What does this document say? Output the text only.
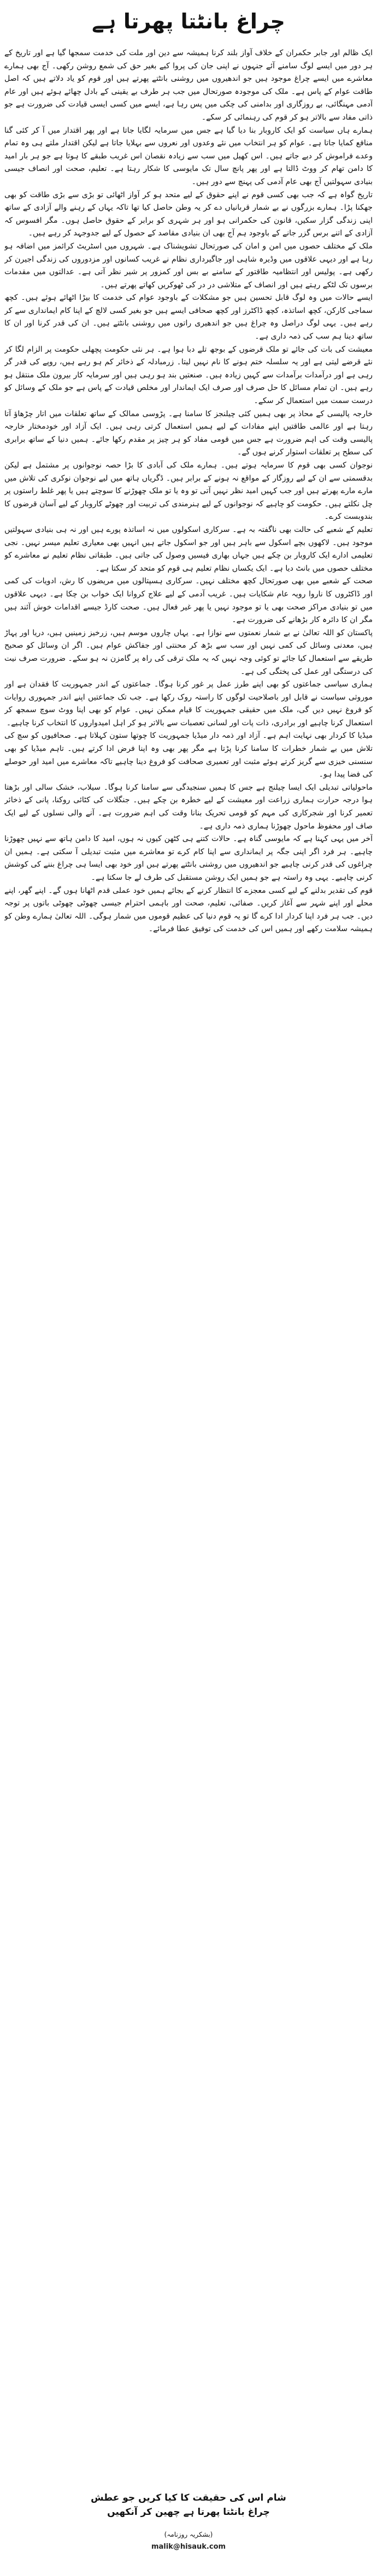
چراغ بانٹتا پھرتا ہے

ایک ظالم اور جابر حکمران کے خلاف آواز بلند کرنا ہمیشہ سے دین اور ملت کی خدمت سمجھا گیا ہے اور تاریخ کے ہر دور میں ایسے لوگ سامنے آئے جنہوں نے اپنی جان کی پروا کیے بغیر حق کی شمع روشن رکھی۔ آج بھی ہمارے معاشرے میں ایسے چراغ موجود ہیں جو اندھیروں میں روشنی بانٹتے پھرتے ہیں اور قوم کو یاد دلاتے ہیں کہ اصل طاقت عوام کے پاس ہے۔ ملک کی موجودہ صورتحال میں جب ہر طرف بے یقینی کے بادل چھائے ہوئے ہیں اور عام آدمی مہنگائی، بے روزگاری اور بدامنی کی چکی میں پس رہا ہے، ایسے میں کسی ایسی قیادت کی ضرورت ہے جو ذاتی مفاد سے بالاتر ہو کر قوم کی رہنمائی کر سکے۔

ہمارے ہاں سیاست کو ایک کاروبار بنا دیا گیا ہے جس میں سرمایہ لگایا جاتا ہے اور پھر اقتدار میں آ کر کئی گنا منافع کمایا جاتا ہے۔ عوام کو ہر انتخاب میں نئے وعدوں اور نعروں سے بہلایا جاتا ہے لیکن اقتدار ملتے ہی وہ تمام وعدے فراموش کر دیے جاتے ہیں۔ اس کھیل میں سب سے زیادہ نقصان اس غریب طبقے کا ہوتا ہے جو ہر بار امید کا دامن تھام کر ووٹ ڈالتا ہے اور پھر پانچ سال تک مایوسی کا شکار رہتا ہے۔ تعلیم، صحت اور انصاف جیسی بنیادی سہولتیں آج بھی عام آدمی کی پہنچ سے دور ہیں۔

تاریخ گواہ ہے کہ جب بھی کسی قوم نے اپنے حقوق کے لیے متحد ہو کر آواز اٹھائی تو بڑی سے بڑی طاقت کو بھی جھکنا پڑا۔ ہمارے بزرگوں نے بے شمار قربانیاں دے کر یہ وطن حاصل کیا تھا تاکہ یہاں کے رہنے والے آزادی کے ساتھ اپنی زندگی گزار سکیں، قانون کی حکمرانی ہو اور ہر شہری کو برابر کے حقوق حاصل ہوں۔ مگر افسوس کہ آزادی کے اتنے برس گزر جانے کے باوجود ہم آج بھی ان بنیادی مقاصد کے حصول کے لیے جدوجہد کر رہے ہیں۔

ملک کے مختلف حصوں میں امن و امان کی صورتحال تشویشناک ہے۔ شہروں میں اسٹریٹ کرائمز میں اضافہ ہو رہا ہے اور دیہی علاقوں میں وڈیرہ شاہی اور جاگیرداری نظام نے غریب کسانوں اور مزدوروں کی زندگی اجیرن کر رکھی ہے۔ پولیس اور انتظامیہ طاقتور کے سامنے بے بس اور کمزور پر شیر نظر آتی ہے۔ عدالتوں میں مقدمات برسوں تک لٹکے رہتے ہیں اور انصاف کے متلاشی در در کی ٹھوکریں کھاتے پھرتے ہیں۔

ایسے حالات میں وہ لوگ قابل تحسین ہیں جو مشکلات کے باوجود عوام کی خدمت کا بیڑا اٹھائے ہوئے ہیں۔ کچھ سماجی کارکن، کچھ اساتذہ، کچھ ڈاکٹرز اور کچھ صحافی ایسے ہیں جو بغیر کسی لالچ کے اپنا کام ایمانداری سے کر رہے ہیں۔ یہی لوگ دراصل وہ چراغ ہیں جو اندھیری راتوں میں روشنی بانٹتے ہیں۔ ان کی قدر کرنا اور ان کا ساتھ دینا ہم سب کی ذمہ داری ہے۔

معیشت کی بات کی جائے تو ملک قرضوں کے بوجھ تلے دبا ہوا ہے۔ ہر نئی حکومت پچھلی حکومت پر الزام لگا کر نئے قرضے لیتی ہے اور یہ سلسلہ ختم ہونے کا نام نہیں لیتا۔ زرمبادلہ کے ذخائر کم ہو رہے ہیں، روپے کی قدر گر رہی ہے اور درآمدات برآمدات سے کہیں زیادہ ہیں۔ صنعتیں بند ہو رہی ہیں اور سرمایہ کار بیرون ملک منتقل ہو رہے ہیں۔ ان تمام مسائل کا حل صرف اور صرف ایک ایماندار اور مخلص قیادت کے پاس ہے جو ملک کے وسائل کو درست سمت میں استعمال کر سکے۔

خارجہ پالیسی کے محاذ پر بھی ہمیں کئی چیلنجز کا سامنا ہے۔ پڑوسی ممالک کے ساتھ تعلقات میں اتار چڑھاؤ آتا رہتا ہے اور عالمی طاقتیں اپنے مفادات کے لیے ہمیں استعمال کرتی رہی ہیں۔ ایک آزاد اور خودمختار خارجہ پالیسی وقت کی اہم ضرورت ہے جس میں قومی مفاد کو ہر چیز پر مقدم رکھا جائے۔ ہمیں دنیا کے ساتھ برابری کی سطح پر تعلقات استوار کرنے ہوں گے۔

نوجوان کسی بھی قوم کا سرمایہ ہوتے ہیں۔ ہمارے ملک کی آبادی کا بڑا حصہ نوجوانوں پر مشتمل ہے لیکن بدقسمتی سے ان کے لیے روزگار کے مواقع نہ ہونے کے برابر ہیں۔ ڈگریاں ہاتھ میں لیے نوجوان نوکری کی تلاش میں مارے مارے پھرتے ہیں اور جب کہیں امید نظر نہیں آتی تو وہ یا تو ملک چھوڑنے کا سوچتے ہیں یا پھر غلط راستوں پر چل نکلتے ہیں۔ حکومت کو چاہیے کہ نوجوانوں کے لیے ہنرمندی کی تربیت اور چھوٹے کاروبار کے لیے آسان قرضوں کا بندوبست کرے۔

تعلیم کے شعبے کی حالت بھی ناگفتہ بہ ہے۔ سرکاری اسکولوں میں نہ اساتذہ پورے ہیں اور نہ ہی بنیادی سہولتیں موجود ہیں۔ لاکھوں بچے اسکول سے باہر ہیں اور جو اسکول جاتے ہیں انہیں بھی معیاری تعلیم میسر نہیں۔ نجی تعلیمی ادارے ایک کاروبار بن چکے ہیں جہاں بھاری فیسیں وصول کی جاتی ہیں۔ طبقاتی نظام تعلیم نے معاشرے کو مختلف حصوں میں بانٹ دیا ہے۔ ایک یکساں نظام تعلیم ہی قوم کو متحد کر سکتا ہے۔

صحت کے شعبے میں بھی صورتحال کچھ مختلف نہیں۔ سرکاری ہسپتالوں میں مریضوں کا رش، ادویات کی کمی اور ڈاکٹروں کا ناروا رویہ عام شکایات ہیں۔ غریب آدمی کے لیے علاج کروانا ایک خواب بن چکا ہے۔ دیہی علاقوں میں تو بنیادی مراکز صحت بھی یا تو موجود نہیں یا پھر غیر فعال ہیں۔ صحت کارڈ جیسے اقدامات خوش آئند ہیں مگر ان کا دائرہ کار بڑھانے کی ضرورت ہے۔

پاکستان کو اللہ تعالیٰ نے بے شمار نعمتوں سے نوازا ہے۔ یہاں چاروں موسم ہیں، زرخیز زمینیں ہیں، دریا اور پہاڑ ہیں، معدنی وسائل کی کمی نہیں اور سب سے بڑھ کر محنتی اور جفاکش عوام ہیں۔ اگر ان وسائل کو صحیح طریقے سے استعمال کیا جائے تو کوئی وجہ نہیں کہ یہ ملک ترقی کی راہ پر گامزن نہ ہو سکے۔ ضرورت صرف نیت کی درستگی اور عمل کی پختگی کی ہے۔

ہماری سیاسی جماعتوں کو بھی اپنے طرز عمل پر غور کرنا ہوگا۔ جماعتوں کے اندر جمہوریت کا فقدان ہے اور موروثی سیاست نے قابل اور باصلاحیت لوگوں کا راستہ روک رکھا ہے۔ جب تک جماعتیں اپنے اندر جمہوری روایات کو فروغ نہیں دیں گی، ملک میں حقیقی جمہوریت کا قیام ممکن نہیں۔ عوام کو بھی اپنا ووٹ سوچ سمجھ کر استعمال کرنا چاہیے اور برادری، ذات پات اور لسانی تعصبات سے بالاتر ہو کر اہل امیدواروں کا انتخاب کرنا چاہیے۔

میڈیا کا کردار بھی نہایت اہم ہے۔ آزاد اور ذمہ دار میڈیا جمہوریت کا چوتھا ستون کہلاتا ہے۔ صحافیوں کو سچ کی تلاش میں بے شمار خطرات کا سامنا کرنا پڑتا ہے مگر پھر بھی وہ اپنا فرض ادا کرتے ہیں۔ تاہم میڈیا کو بھی سنسنی خیزی سے گریز کرتے ہوئے مثبت اور تعمیری صحافت کو فروغ دینا چاہیے تاکہ معاشرے میں امید اور حوصلے کی فضا پیدا ہو۔

ماحولیاتی تبدیلی ایک ایسا چیلنج ہے جس کا ہمیں سنجیدگی سے سامنا کرنا ہوگا۔ سیلاب، خشک سالی اور بڑھتا ہوا درجہ حرارت ہماری زراعت اور معیشت کے لیے خطرہ بن چکے ہیں۔ جنگلات کی کٹائی روکنا، پانی کے ذخائر تعمیر کرنا اور شجرکاری کی مہم کو قومی تحریک بنانا وقت کی اہم ضرورت ہے۔ آنے والی نسلوں کے لیے ایک صاف اور محفوظ ماحول چھوڑنا ہماری ذمہ داری ہے۔

آخر میں یہی کہنا ہے کہ مایوسی گناہ ہے۔ حالات کتنے ہی کٹھن کیوں نہ ہوں، امید کا دامن ہاتھ سے نہیں چھوڑنا چاہیے۔ ہر فرد اگر اپنی جگہ پر ایمانداری سے اپنا کام کرے تو معاشرے میں مثبت تبدیلی آ سکتی ہے۔ ہمیں ان چراغوں کی قدر کرنی چاہیے جو اندھیروں میں روشنی بانٹتے پھرتے ہیں اور خود بھی ایسا ہی چراغ بننے کی کوشش کرنی چاہیے۔ یہی وہ راستہ ہے جو ہمیں ایک روشن مستقبل کی طرف لے جا سکتا ہے۔

قوم کی تقدیر بدلنے کے لیے کسی معجزے کا انتظار کرنے کے بجائے ہمیں خود عملی قدم اٹھانا ہوں گے۔ اپنے گھر، اپنے محلے اور اپنے شہر سے آغاز کریں۔ صفائی، تعلیم، صحت اور باہمی احترام جیسی چھوٹی چھوٹی باتوں پر توجہ دیں۔ جب ہر فرد اپنا کردار ادا کرے گا تو یہ قوم دنیا کی عظیم قوموں میں شمار ہوگی۔ اللہ تعالیٰ ہمارے وطن کو ہمیشہ سلامت رکھے اور ہمیں اس کی خدمت کی توفیق عطا فرمائے۔

شام اس کی حقیقت کا کیا کریں جو عطش
چراغ بانٹتا پھرتا ہے چھین کر آنکھیں
(بشکریہ روزنامہ)
malik@hisauk.com
